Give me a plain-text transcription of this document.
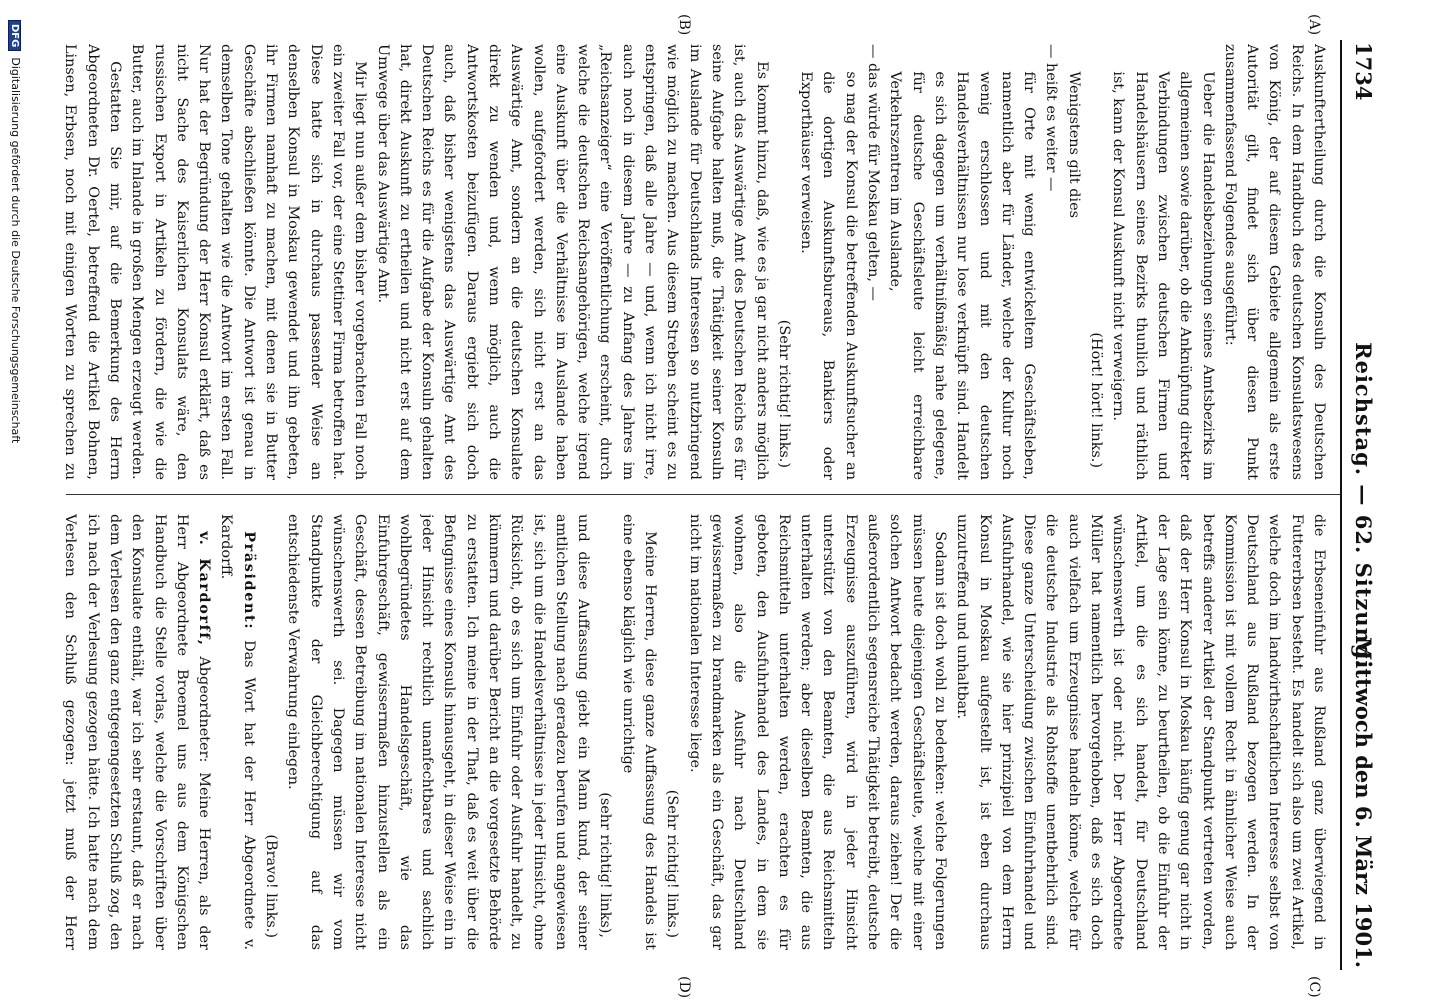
1734
Reichstag. — 62. Sitzung.
Mittwoch den 6. März 1901.
(A)
(B)
(C)
(D)

Auskunftertheilung durch die Konsuln des Deutschen Reichs. In dem Handbuch des deutschen Konsulatswesens von König, der auf diesem Gebiete allgemein als erste Autorität gilt, findet sich über diesen Punkt zusammenfassend Folgendes ausgeführt:

Ueber die Handelsbeziehungen seines Amtsbezirks im allgemeinen sowie darüber, ob die Anknüpfung direkter Verbindungen zwischen deutschen Firmen und Handelshäusern seines Bezirks thunlich und räthlich ist, kann der Konsul Auskunft nicht verweigern.

(Hört! hört! links.)

Wenigstens gilt dies

— heißt es weiter —

für Orte mit wenig entwickeltem Geschäftsleben, namentlich aber für Länder, welche der Kultur noch wenig erschlossen und mit den deutschen Handelsverhältnissen nur lose verknüpft sind. Handelt es sich dagegen um verhältnißmäßig nahe gelegene, für deutsche Geschäftsleute leicht erreichbare Verkehrszentren im Auslande,

— das würde für Moskau gelten, —

so mag der Konsul die betreffenden Auskunftsucher an die dortigen Auskunftsbureaus, Bankiers oder Exporthäuser verweisen.

(Sehr richtig! links.)

Es kommt hinzu, daß, wie es ja gar nicht anders möglich ist, auch das Auswärtige Amt des Deutschen Reichs es für seine Aufgabe halten muß, die Thätigkeit seiner Konsuln im Auslande für Deutschlands Interessen so nutzbringend wie möglich zu machen. Aus diesem Streben scheint es zu entspringen, daß alle Jahre — und, wenn ich nicht irre, auch noch in diesem Jahre — zu Anfang des Jahres im „Reichsanzeiger“ eine Veröffentlichung erscheint, durch welche die deutschen Reichsangehörigen, welche irgend eine Auskunft über die Verhältnisse im Auslande haben wollen, aufgefordert werden, sich nicht erst an das Auswärtige Amt, sondern an die deutschen Konsulate direkt zu wenden und, wenn möglich, auch die Antwortskosten beizufügen. Daraus ergiebt sich doch auch, daß bisher wenigstens das Auswärtige Amt des Deutschen Reichs es für die Aufgabe der Konsuln gehalten hat, direkt Auskunft zu ertheilen und nicht erst auf dem Umwege über das Auswärtige Amt.

Mir liegt nun außer dem bisher vorgebrachten Fall noch ein zweiter Fall vor, der eine Stettiner Firma betroffen hat. Diese hatte sich in durchaus passender Weise an denselben Konsul in Moskau gewendet und ihn gebeten, ihr Firmen namhaft zu machen, mit denen sie in Butter Geschäfte abschließen könnte. Die Antwort ist genau in demselben Tone gehalten wie die Antwort im ersten Fall. Nur hat der Begründung der Herr Konsul erklärt, daß es nicht Sache des Kaiserlichen Konsulats wäre, den russischen Export in Artikeln zu fördern, die wie die Butter, auch im Inlande in großen Mengen erzeugt werden.

Gestatten Sie mir, auf die Bemerkung des Herrn Abgeordneten Dr. Oertel, betreffend die Artikel Bohnen, Linsen, Erbsen, noch mit einigen Worten zu sprechen zu

die Erbseneinfuhr aus Rußland ganz überwiegend in Futtererbsen besteht. Es handelt sich also um zwei Artikel, welche doch im landwirthschaftlichen Interesse selbst von Deutschland aus Rußland bezogen werden. In der Kommission ist mit vollem Recht in ähnlicher Weise auch betreffs anderer Artikel der Standpunkt vertreten worden, daß der Herr Konsul in Moskau häufig genug gar nicht in der Lage sein könne, zu beurtheilen, ob die Einfuhr der Artikel, um die es sich handelt, für Deutschland wünschenswerth ist oder nicht. Der Herr Abgeordnete Müller hat namentlich hervorgehoben, daß es sich doch auch vielfach um Erzeugnisse handeln könne, welche für die deutsche Industrie als Rohstoffe unentbehrlich sind. Diese ganze Unterscheidung zwischen Einfuhrhandel und Ausfuhrhandel, wie sie hier prinzipiell von dem Herrn Konsul in Moskau aufgestellt ist, ist eben durchaus unzutreffend und unhaltbar.

Sodann ist doch wohl zu bedenken: welche Folgerungen müssen heute diejenigen Geschäftsleute, welche mit einer solchen Antwort bedacht werden, daraus ziehen! Der die außerordentlich segensreiche Thätigkeit betreibt, deutsche Erzeugnisse auszuführen, wird in jeder Hinsicht unterstützt von den Beamten, die aus Reichsmitteln unterhalten werden; aber dieselben Beamten, die aus Reichsmitteln unterhalten werden, erachten es für geboten, den Ausfuhrhandel des Landes, in dem sie wohnen, also die Ausfuhr nach Deutschland gewissermaßen zu brandmarken als ein Geschäft, das gar nicht im nationalen Interesse liege.

(Sehr richtig! links.)

Meine Herren, diese ganze Auffassung des Handels ist eine ebenso kläglich wie unrichtige

(sehr richtig! links),

und diese Auffassung giebt ein Mann kund, der seiner amtlichen Stellung nach geradezu berufen und angewiesen ist, sich um die Handelsverhältnisse in jeder Hinsicht, ohne Rücksicht, ob es sich um Einfuhr oder Ausfuhr handelt, zu kümmern und darüber Bericht an die vorgesetzte Behörde zu erstatten. Ich meine in der That, daß es weit über die Befugnisse eines Konsuls hinausgeht, in dieser Weise ein in jeder Hinsicht rechtlich unanfechtbares und sachlich wohlbegründetes Handelsgeschäft, wie das Einfuhrgeschäft, gewissermaßen hinzustellen als ein Geschäft, dessen Betreibung im nationalen Interesse nicht wünschenswerth sei. Dagegen müssen wir vom Standpunkte der Gleichberechtigung auf das entschiedenste Verwahrung einlegen.

(Bravo! links.)

Präsident: Das Wort hat der Herr Abgeordnete v. Kardorff.

v. Kardorff, Abgeordneter: Meine Herren, als der Herr Abgeordnete Broemel uns aus dem Königschen Handbuch die Stelle vorlas, welche die Vorschriften über den Konsulate enthält, war ich sehr erstaunt, daß er nach dem Verlesen den ganz entgegengesetzten Schluß zog, den ich nach der Verlesung gezogen hätte. Ich hatte nach dem Verlesen den Schluß gezogen: jetzt muß der Herr

DFGDigitalisierung gefördert durch die Deutsche Forschungsgemeinschaft
